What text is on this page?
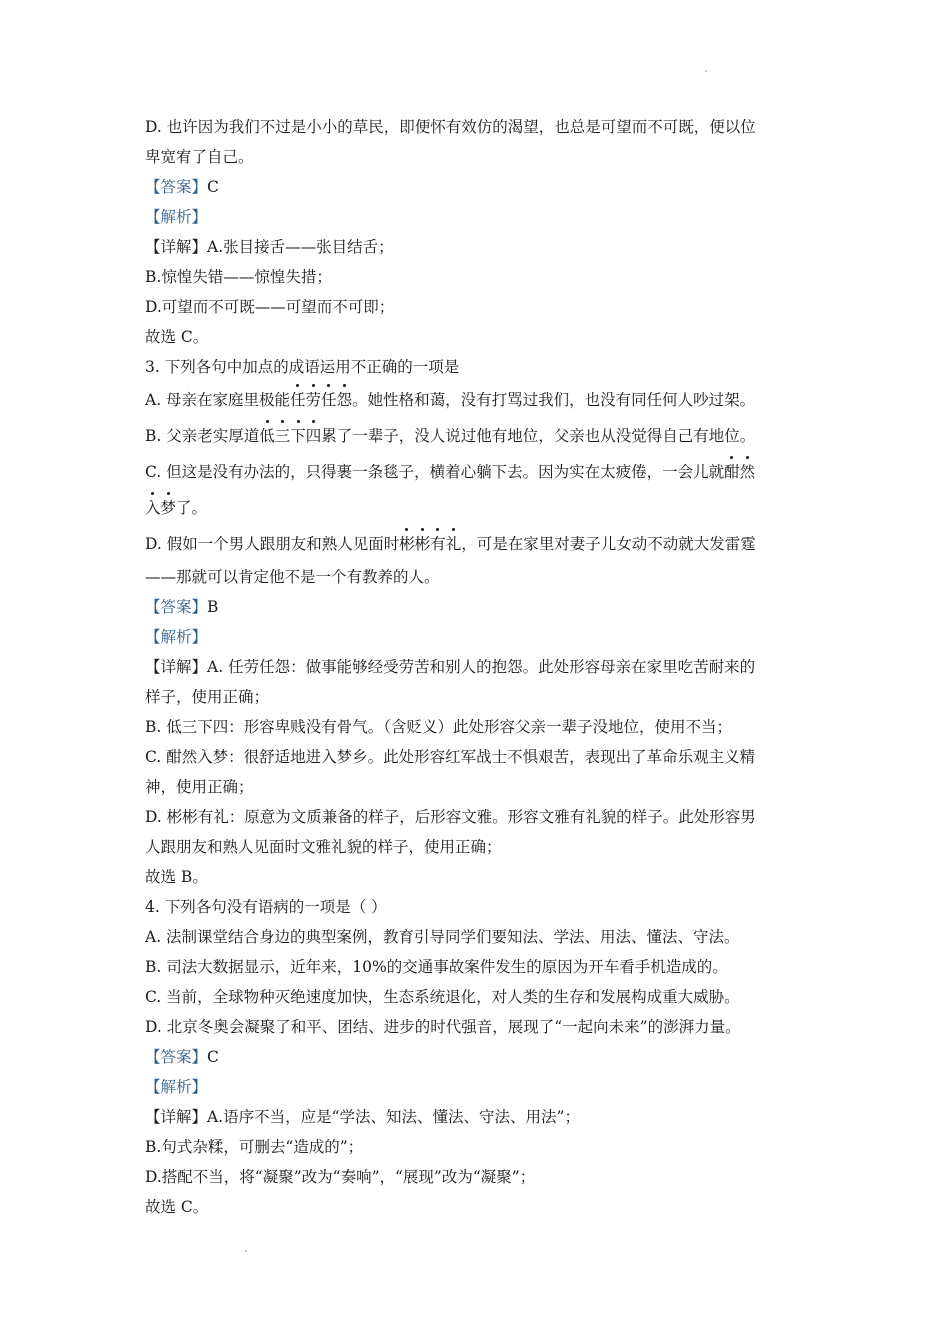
D. 也许因为我们不过是小小的草民，即便怀有效仿的渴望，也总是可望而不可既，便以位
卑宽宥了自己。
【答案】C
【解析】
【详解】A.张目接舌——张目结舌；
B.惊惶失错——惊惶失措；
D.可望而不可既——可望而不可即；
故选 C。
3. 下列各句中加点的成语运用不正确的一项是
A. 母亲在家庭里极能
任劳任怨。她性格和蔼，没有打骂过我们，也没有同任何人吵过架。
B. 父亲老实厚道
低三下四累了一辈子，没人说过他有地位，父亲也从没觉得自己有地位。
C. 但这是没有办法的，只得裹一条毯子，横着心躺下去。因为实在太疲倦，一会儿就
酣然
入梦了。
D. 假如一个男人跟朋友和熟人见面时
彬彬有礼，可是在家里对妻子儿女动不动就大发雷霆
——那就可以肯定他不是一个有教养的人。
【答案】B
【解析】
【详解】A. 任劳任怨：做事能够经受劳苦和别人的抱怨。此处形容母亲在家里吃苦耐来的
样子，使用正确；
B. 低三下四：形容卑贱没有骨气。（含贬义）此处形容父亲一辈子没地位，使用不当；
C. 酣然入梦：很舒适地进入梦乡。此处形容红军战士不惧艰苦，表现出了革命乐观主义精
神，使用正确；
D. 彬彬有礼：原意为文质兼备的样子，后形容文雅。形容文雅有礼貌的样子。此处形容男
人跟朋友和熟人见面时文雅礼貌的样子，使用正确；
故选 B。
4. 下列各句没有语病的一项是（ ）
A. 法制课堂结合身边的典型案例，教育引导同学们要知法、学法、用法、懂法、守法。
B. 司法大数据显示，近年来，10%的交通事故案件发生的原因为开车看手机造成的。
C. 当前，全球物种灭绝速度加快，生态系统退化，对人类的生存和发展构成重大威胁。
D. 北京冬奥会凝聚了和平、团结、进步的时代强音，展现了“一起向未来”的澎湃力量。
【答案】C
【解析】
【详解】A.语序不当，应是“学法、知法、懂法、守法、用法”；
B.句式杂糅，可删去“造成的”；
D.搭配不当，将“凝聚”改为“奏响”，“展现”改为“凝聚”；
故选 C。
